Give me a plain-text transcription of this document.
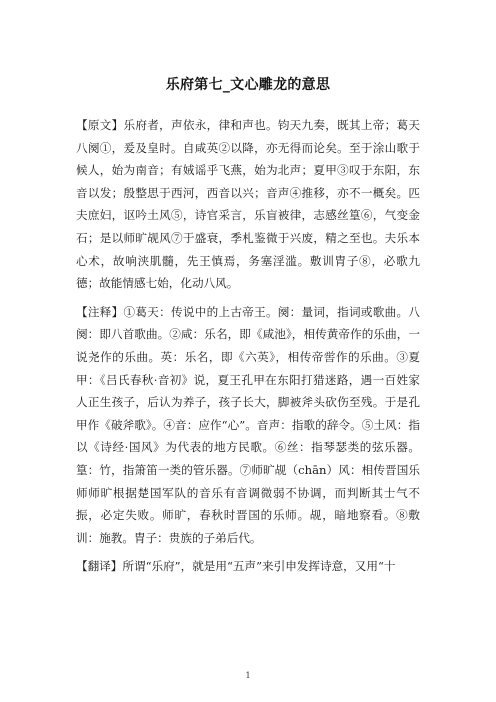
乐府第七_文心雕龙的意思

【原文】乐府者，声依永，律和声也。钧天九奏，既其上帝；葛天八阕①，爰及皇时。自咸英②以降，亦无得而论矣。至于涂山歌于候人，始为南音；有娀谣乎飞燕，始为北声；夏甲③叹于东阳，东音以发；殷整思于西河，西音以兴；音声④推移，亦不一概矣。匹夫庶妇，讴吟土风⑤，诗官采言，乐盲被律，志感丝篁⑥，气变金石；是以师旷觇风⑦于盛衰，季札鉴微于兴废，精之至也。夫乐本心术，故响浃肌髓，先王慎焉，务塞淫滥。敷训胄子⑧，必歌九德；故能情感七始，化动八风。

【注释】①葛天：传说中的上古帝王。阕：量词，指词或歌曲。八阕：即八首歌曲。②咸：乐名，即《咸池》，相传黄帝作的乐曲，一说尧作的乐曲。英：乐名，即《六英》，相传帝喾作的乐曲。③夏甲：《吕氏春秋·音初》说，夏王孔甲在东阳打猎迷路，遇一百姓家人正生孩子，后认为养子，孩子长大，脚被斧头砍伤至残。于是孔甲作《破斧歌》。④音：应作“心”。音声：指歌的辞令。⑤土风：指以《诗经·国风》为代表的地方民歌。⑥丝：指琴瑟类的弦乐器。篁：竹，指箫笛一类的管乐器。⑦师旷觇（chān）风：相传晋国乐师师旷根据楚国军队的音乐有音调微弱不协调，而判断其士气不振，必定失败。师旷，春秋时晋国的乐师。觇，暗地察看。⑧敷训：施教。胄子：贵族的子弟后代。

【翻译】所谓“乐府”，就是用“五声”来引申发挥诗意，又用“十

1
